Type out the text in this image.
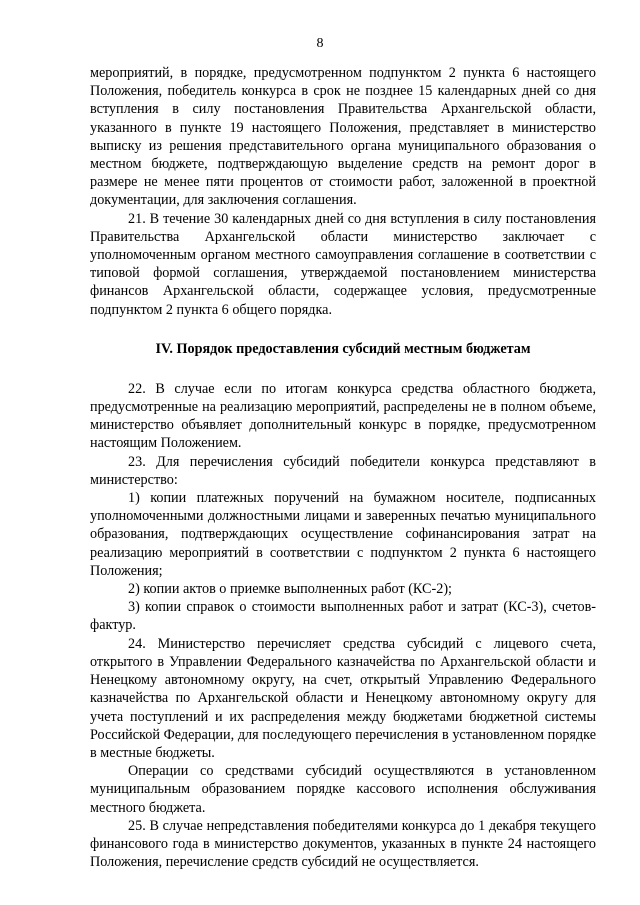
8

мероприятий, в порядке, предусмотренном подпунктом 2 пункта 6 настоящего Положения, победитель конкурса в срок не позднее 15 календарных дней со дня вступления в силу постановления Правительства Архангельской области, указанного в пункте 19 настоящего Положения, представляет в министерство выписку из решения представительного органа муниципального образования о местном бюджете, подтверждающую выделение средств на ремонт дорог в размере не менее пяти процентов от стоимости работ, заложенной в проектной документации, для заключения соглашения.

21. В течение 30 календарных дней со дня вступления в силу постановления Правительства Архангельской области министерство заключает с уполномоченным органом местного самоуправления соглашение в соответствии с типовой формой соглашения, утверждаемой постановлением министерства финансов Архангельской области, содержащее условия, предусмотренные подпунктом 2 пункта 6 общего порядка.

IV. Порядок предоставления субсидий местным бюджетам

22. В случае если по итогам конкурса средства областного бюджета, предусмотренные на реализацию мероприятий, распределены не в полном объеме, министерство объявляет дополнительный конкурс в порядке, предусмотренном настоящим Положением.

23. Для перечисления субсидий победители конкурса представляют в министерство:

1) копии платежных поручений на бумажном носителе, подписанных уполномоченными должностными лицами и заверенных печатью муниципального образования, подтверждающих осуществление софинансирования затрат на реализацию мероприятий в соответствии с подпунктом 2 пункта 6 настоящего Положения;

2) копии актов о приемке выполненных работ (КС-2);

3) копии справок о стоимости выполненных работ и затрат (КС-3), счетов-фактур.

24. Министерство перечисляет средства субсидий с лицевого счета, открытого в Управлении Федерального казначейства по Архангельской области и Ненецкому автономному округу, на счет, открытый Управлению Федерального казначейства по Архангельской области и Ненецкому автономному округу для учета поступлений и их распределения между бюджетами бюджетной системы Российской Федерации, для последующего перечисления в установленном порядке в местные бюджеты.

Операции со средствами субсидий осуществляются в установленном муниципальным образованием порядке кассового исполнения обслуживания местного бюджета.

25. В случае непредставления победителями конкурса до 1 декабря текущего финансового года в министерство документов, указанных в пункте 24 настоящего Положения, перечисление средств субсидий не осуществляется.
